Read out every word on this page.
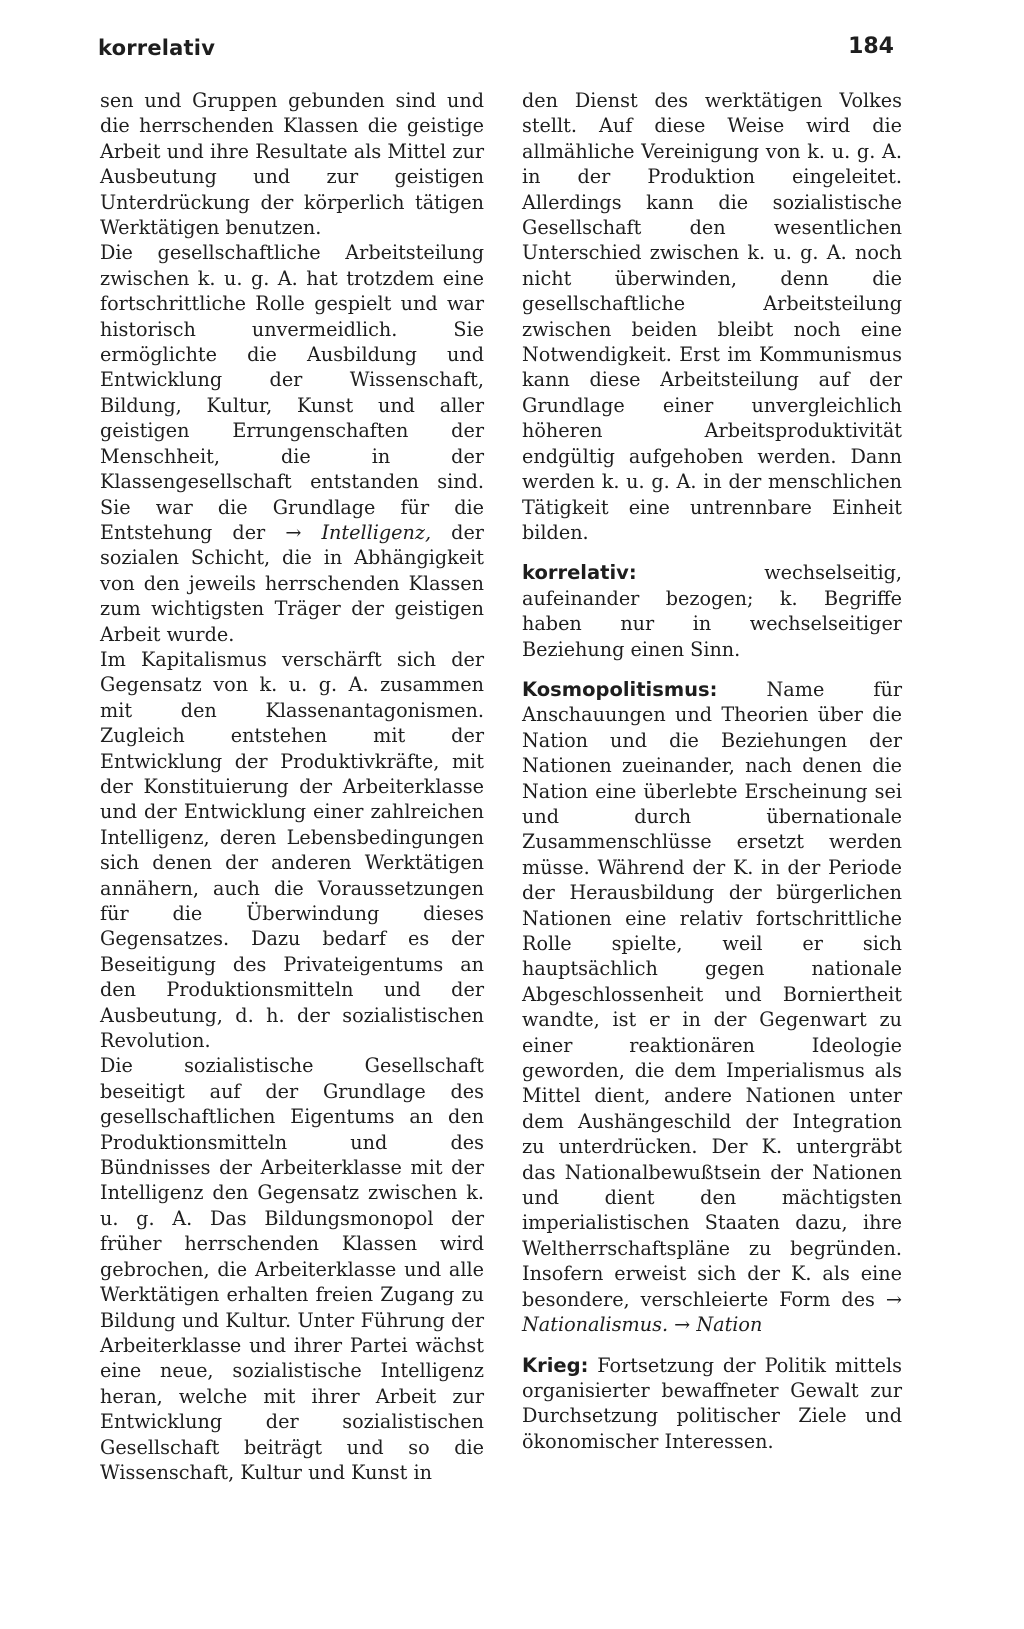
korrelativ	184

sen und Gruppen gebunden sind und die herrschenden Klassen die geistige Arbeit und ihre Resultate als Mittel zur Ausbeutung und zur geistigen Unterdrückung der körperlich tätigen Werktätigen benutzen.

Die gesellschaftliche Arbeitsteilung zwischen k. u. g. A. hat trotzdem eine fortschrittliche Rolle gespielt und war historisch unvermeidlich. Sie ermöglichte die Ausbildung und Entwicklung der Wissenschaft, Bildung, Kultur, Kunst und aller geistigen Errungenschaften der Menschheit, die in der Klassengesellschaft entstanden sind. Sie war die Grundlage für die Entstehung der → Intelligenz, der sozialen Schicht, die in Abhängigkeit von den jeweils herrschenden Klassen zum wichtigsten Träger der geistigen Arbeit wurde.

Im Kapitalismus verschärft sich der Gegensatz von k. u. g. A. zusammen mit den Klassenantagonismen. Zugleich entstehen mit der Entwicklung der Produktivkräfte, mit der Konstituierung der Arbeiterklasse und der Entwicklung einer zahlreichen Intelligenz, deren Lebensbedingungen sich denen der anderen Werktätigen annähern, auch die Voraussetzungen für die Überwindung dieses Gegensatzes. Dazu bedarf es der Beseitigung des Privateigentums an den Produktionsmitteln und der Ausbeutung, d. h. der sozialistischen Revolution.

Die sozialistische Gesellschaft beseitigt auf der Grundlage des gesellschaftlichen Eigentums an den Produktionsmitteln und des Bündnisses der Arbeiterklasse mit der Intelligenz den Gegensatz zwischen k. u. g. A. Das Bildungsmonopol der früher herrschenden Klassen wird gebrochen, die Arbeiterklasse und alle Werktätigen erhalten freien Zugang zu Bildung und Kultur. Unter Führung der Arbeiterklasse und ihrer Partei wächst eine neue, sozialistische Intelligenz heran, welche mit ihrer Arbeit zur Entwicklung der sozialistischen Gesellschaft beiträgt und so die Wissenschaft, Kultur und Kunst in

den Dienst des werktätigen Volkes stellt. Auf diese Weise wird die allmähliche Vereinigung von k. u. g. A. in der Produktion eingeleitet. Allerdings kann die sozialistische Gesellschaft den wesentlichen Unterschied zwischen k. u. g. A. noch nicht überwinden, denn die gesellschaftliche Arbeitsteilung zwischen beiden bleibt noch eine Notwendigkeit. Erst im Kommunismus kann diese Arbeitsteilung auf der Grundlage einer unvergleichlich höheren Arbeitsproduktivität endgültig aufgehoben werden. Dann werden k. u. g. A. in der menschlichen Tätigkeit eine untrennbare Einheit bilden.

korrelativ:	wechselseitig, aufeinander bezogen; k. Begriffe haben nur in wechselseitiger Beziehung einen Sinn.

Kosmopolitismus:	Name für Anschauungen und Theorien über die Nation und die Beziehungen der Nationen zueinander, nach denen die Nation eine überlebte Erscheinung sei und durch übernationale Zusammenschlüsse ersetzt werden müsse. Während der K. in der Periode der Herausbildung der bürgerlichen Nationen eine relativ fortschrittliche Rolle spielte, weil er sich hauptsächlich gegen nationale Abgeschlossenheit und Borniertheit wandte, ist er in der Gegenwart zu einer reaktionären Ideologie geworden, die dem Imperialismus als Mittel dient, andere Nationen unter dem Aushängeschild der Integration zu unterdrücken. Der K. untergräbt das Nationalbewußtsein der Nationen und dient den mächtigsten imperialistischen Staaten dazu, ihre Weltherrschaftspläne zu begründen. Insofern erweist sich der K. als eine besondere, verschleierte Form des → Nationalismus. → Nation

Krieg: Fortsetzung der Politik mittels organisierter bewaffneter Gewalt zur Durchsetzung politischer Ziele und ökonomischer Interessen.
